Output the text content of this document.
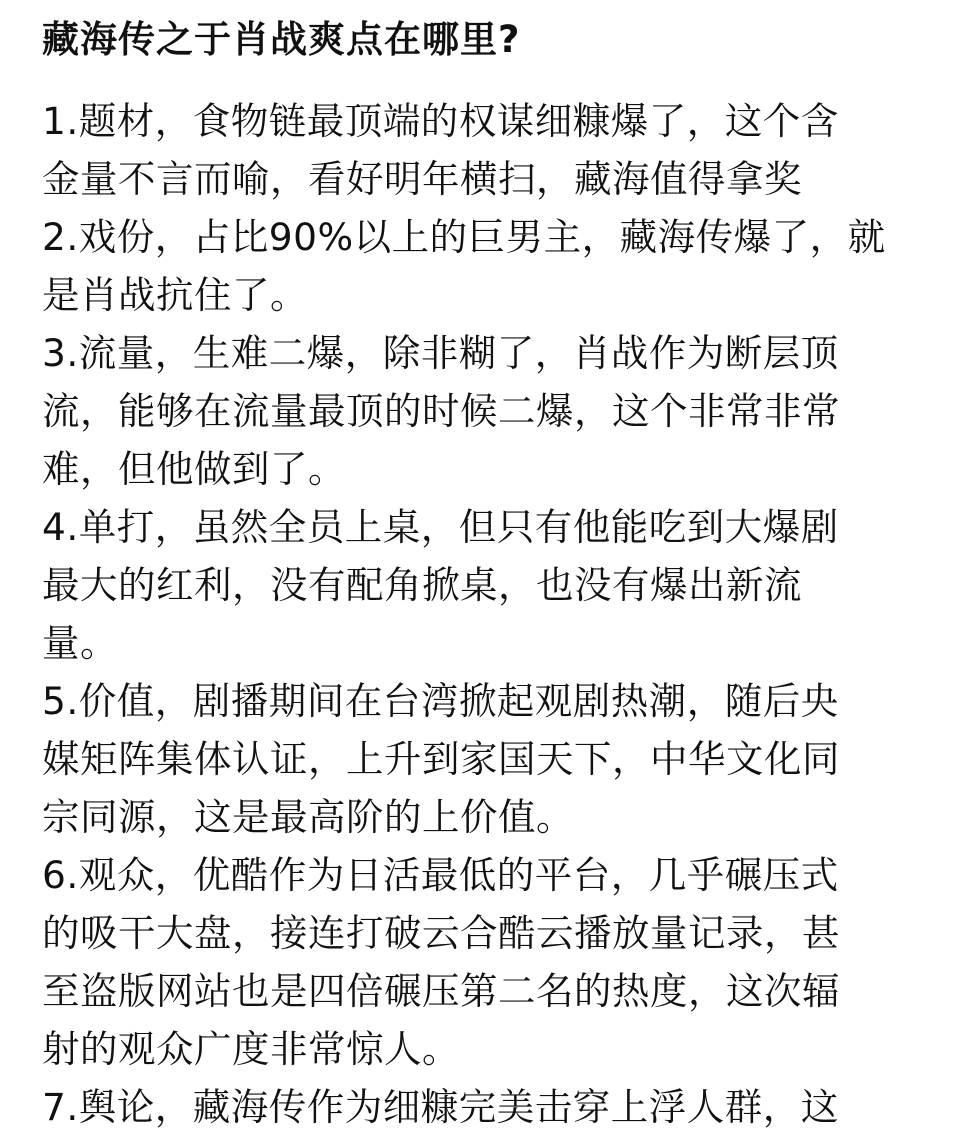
藏海传之于肖战爽点在哪里?
1.题材，食物链最顶端的权谋细糠爆了，这个含
金量不言而喻，看好明年横扫，藏海值得拿奖
2.戏份，占比90%以上的巨男主，藏海传爆了，就
是肖战抗住了。
3.流量，生难二爆，除非糊了，肖战作为断层顶
流，能够在流量最顶的时候二爆，这个非常非常
难，但他做到了。
4.单打，虽然全员上桌，但只有他能吃到大爆剧
最大的红利，没有配角掀桌，也没有爆出新流
量。
5.价值，剧播期间在台湾掀起观剧热潮，随后央
媒矩阵集体认证，上升到家国天下，中华文化同
宗同源，这是最高阶的上价值。
6.观众，优酷作为日活最低的平台，几乎碾压式
的吸干大盘，接连打破云合酷云播放量记录，甚
至盗版网站也是四倍碾压第二名的热度，这次辐
射的观众广度非常惊人。
7.舆论，藏海传作为细糠完美击穿上浮人群，这
